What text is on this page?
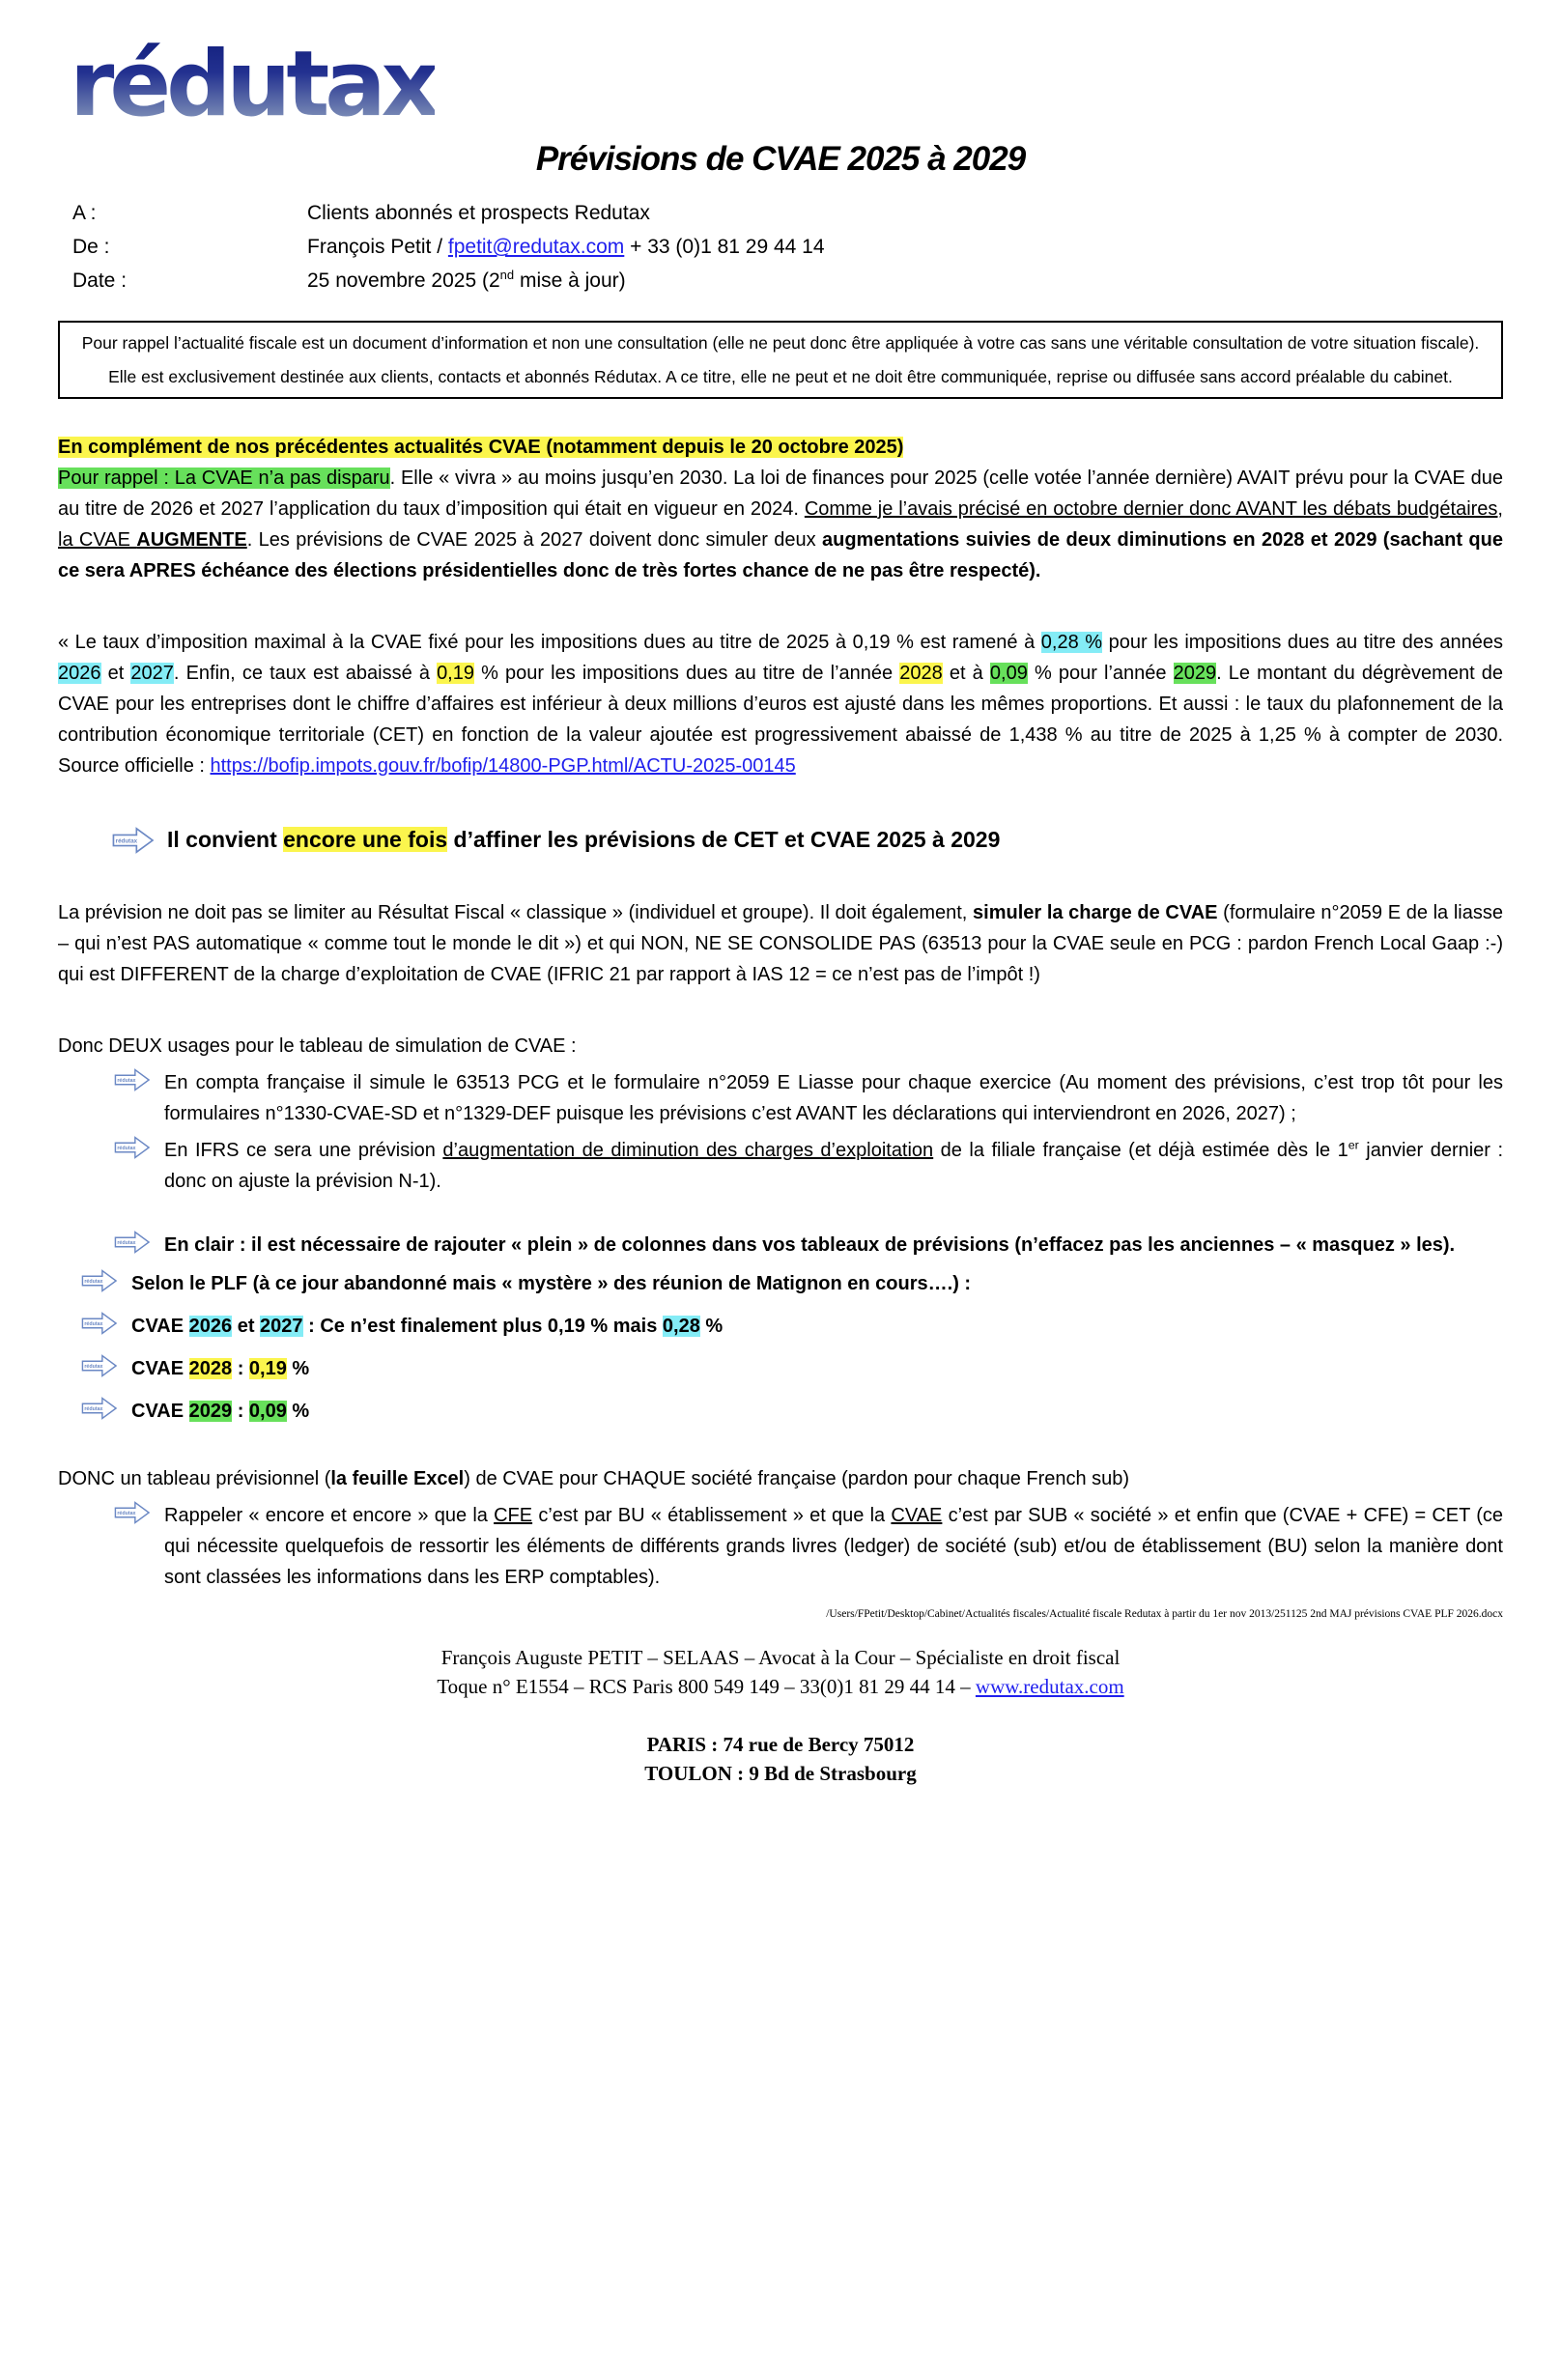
rédutax
Prévisions de CVAE 2025 à 2029
A :	Clients abonnés et prospects Redutax
De :	François Petit / fpetit@redutax.com + 33 (0)1 81 29 44 14
Date :	25 novembre 2025 (2nd mise à jour)
Pour rappel l’actualité fiscale est un document d’information et non une consultation (elle ne peut donc être appliquée à votre cas sans une véritable consultation de votre situation fiscale). Elle est exclusivement destinée aux clients, contacts et abonnés Rédutax. A ce titre, elle ne peut et ne doit être communiquée, reprise ou diffusée sans accord préalable du cabinet.
En complément de nos précédentes actualités CVAE (notamment depuis le 20 octobre 2025)
Pour rappel : La CVAE n’a pas disparu. Elle « vivra » au moins jusqu’en 2030. La loi de finances pour 2025 (celle votée l’année dernière) AVAIT prévu pour la CVAE due au titre de 2026 et 2027 l’application du taux d’imposition qui était en vigueur en 2024. Comme je l’avais précisé en octobre dernier donc AVANT les débats budgétaires, la CVAE AUGMENTE. Les prévisions de CVAE 2025 à 2027 doivent donc simuler deux augmentations suivies de deux diminutions en 2028 et 2029 (sachant que ce sera APRES échéance des élections présidentielles donc de très fortes chance de ne pas être respecté).
« Le taux d’imposition maximal à la CVAE fixé pour les impositions dues au titre de 2025 à 0,19 % est ramené à 0,28 % pour les impositions dues au titre des années 2026 et 2027. Enfin, ce taux est abaissé à 0,19 % pour les impositions dues au titre de l’année 2028 et à 0,09 % pour l’année 2029. Le montant du dégrèvement de CVAE pour les entreprises dont le chiffre d’affaires est inférieur à deux millions d’euros est ajusté dans les mêmes proportions. Et aussi : le taux du plafonnement de la contribution économique territoriale (CET) en fonction de la valeur ajoutée est progressivement abaissé de 1,438 % au titre de 2025 à 1,25 % à compter de 2030. Source officielle : https://bofip.impots.gouv.fr/bofip/14800-PGP.html/ACTU-2025-00145
rédutax Il convient encore une fois d’affiner les prévisions de CET et CVAE 2025 à 2029
La prévision ne doit pas se limiter au Résultat Fiscal « classique » (individuel et groupe). Il doit également, simuler la charge de CVAE (formulaire n°2059 E de la liasse – qui n’est PAS automatique « comme tout le monde le dit ») et qui NON, NE SE CONSOLIDE PAS (63513 pour la CVAE seule en PCG : pardon French Local Gaap :-) qui est DIFFERENT de la charge d’exploitation de CVAE (IFRIC 21 par rapport à IAS 12 = ce n’est pas de l’impôt !)
Donc DEUX usages pour le tableau de simulation de CVAE :
rédutax En compta française il simule le 63513 PCG et le formulaire n°2059 E Liasse pour chaque exercice (Au moment des prévisions, c’est trop tôt pour les formulaires n°1330-CVAE-SD et n°1329-DEF puisque les prévisions c’est AVANT les déclarations qui interviendront en 2026, 2027) ;
rédutax En IFRS ce sera une prévision d’augmentation de diminution des charges d’exploitation de la filiale française (et déjà estimée dès le 1er janvier dernier : donc on ajuste la prévision N-1).
rédutax En clair : il est nécessaire de rajouter « plein » de colonnes dans vos tableaux de prévisions (n’effacez pas les anciennes – « masquez » les).
rédutax Selon le PLF (à ce jour abandonné mais « mystère » des réunion de Matignon en cours….) :
rédutax CVAE 2026 et 2027 : Ce n’est finalement plus 0,19 % mais 0,28 %
rédutax CVAE 2028 : 0,19 %
rédutax CVAE 2029 : 0,09 %
DONC un tableau prévisionnel (la feuille Excel) de CVAE pour CHAQUE société française (pardon pour chaque French sub)
rédutax Rappeler « encore et encore » que la CFE c’est par BU « établissement » et que la CVAE c’est par SUB « société » et enfin que (CVAE + CFE) = CET (ce qui nécessite quelquefois de ressortir les éléments de différents grands livres (ledger) de société (sub) et/ou de établissement (BU) selon la manière dont sont classées les informations dans les ERP comptables).
/Users/FPetit/Desktop/Cabinet/Actualités fiscales/Actualité fiscale Redutax à partir du 1er nov 2013/251125 2nd MAJ prévisions CVAE PLF 2026.docx
François Auguste PETIT – SELAAS – Avocat à la Cour – Spécialiste en droit fiscal
Toque n° E1554 – RCS Paris 800 549 149 – 33(0)1 81 29 44 14 – www.redutax.com
PARIS : 74 rue de Bercy 75012
TOULON : 9 Bd de Strasbourg
